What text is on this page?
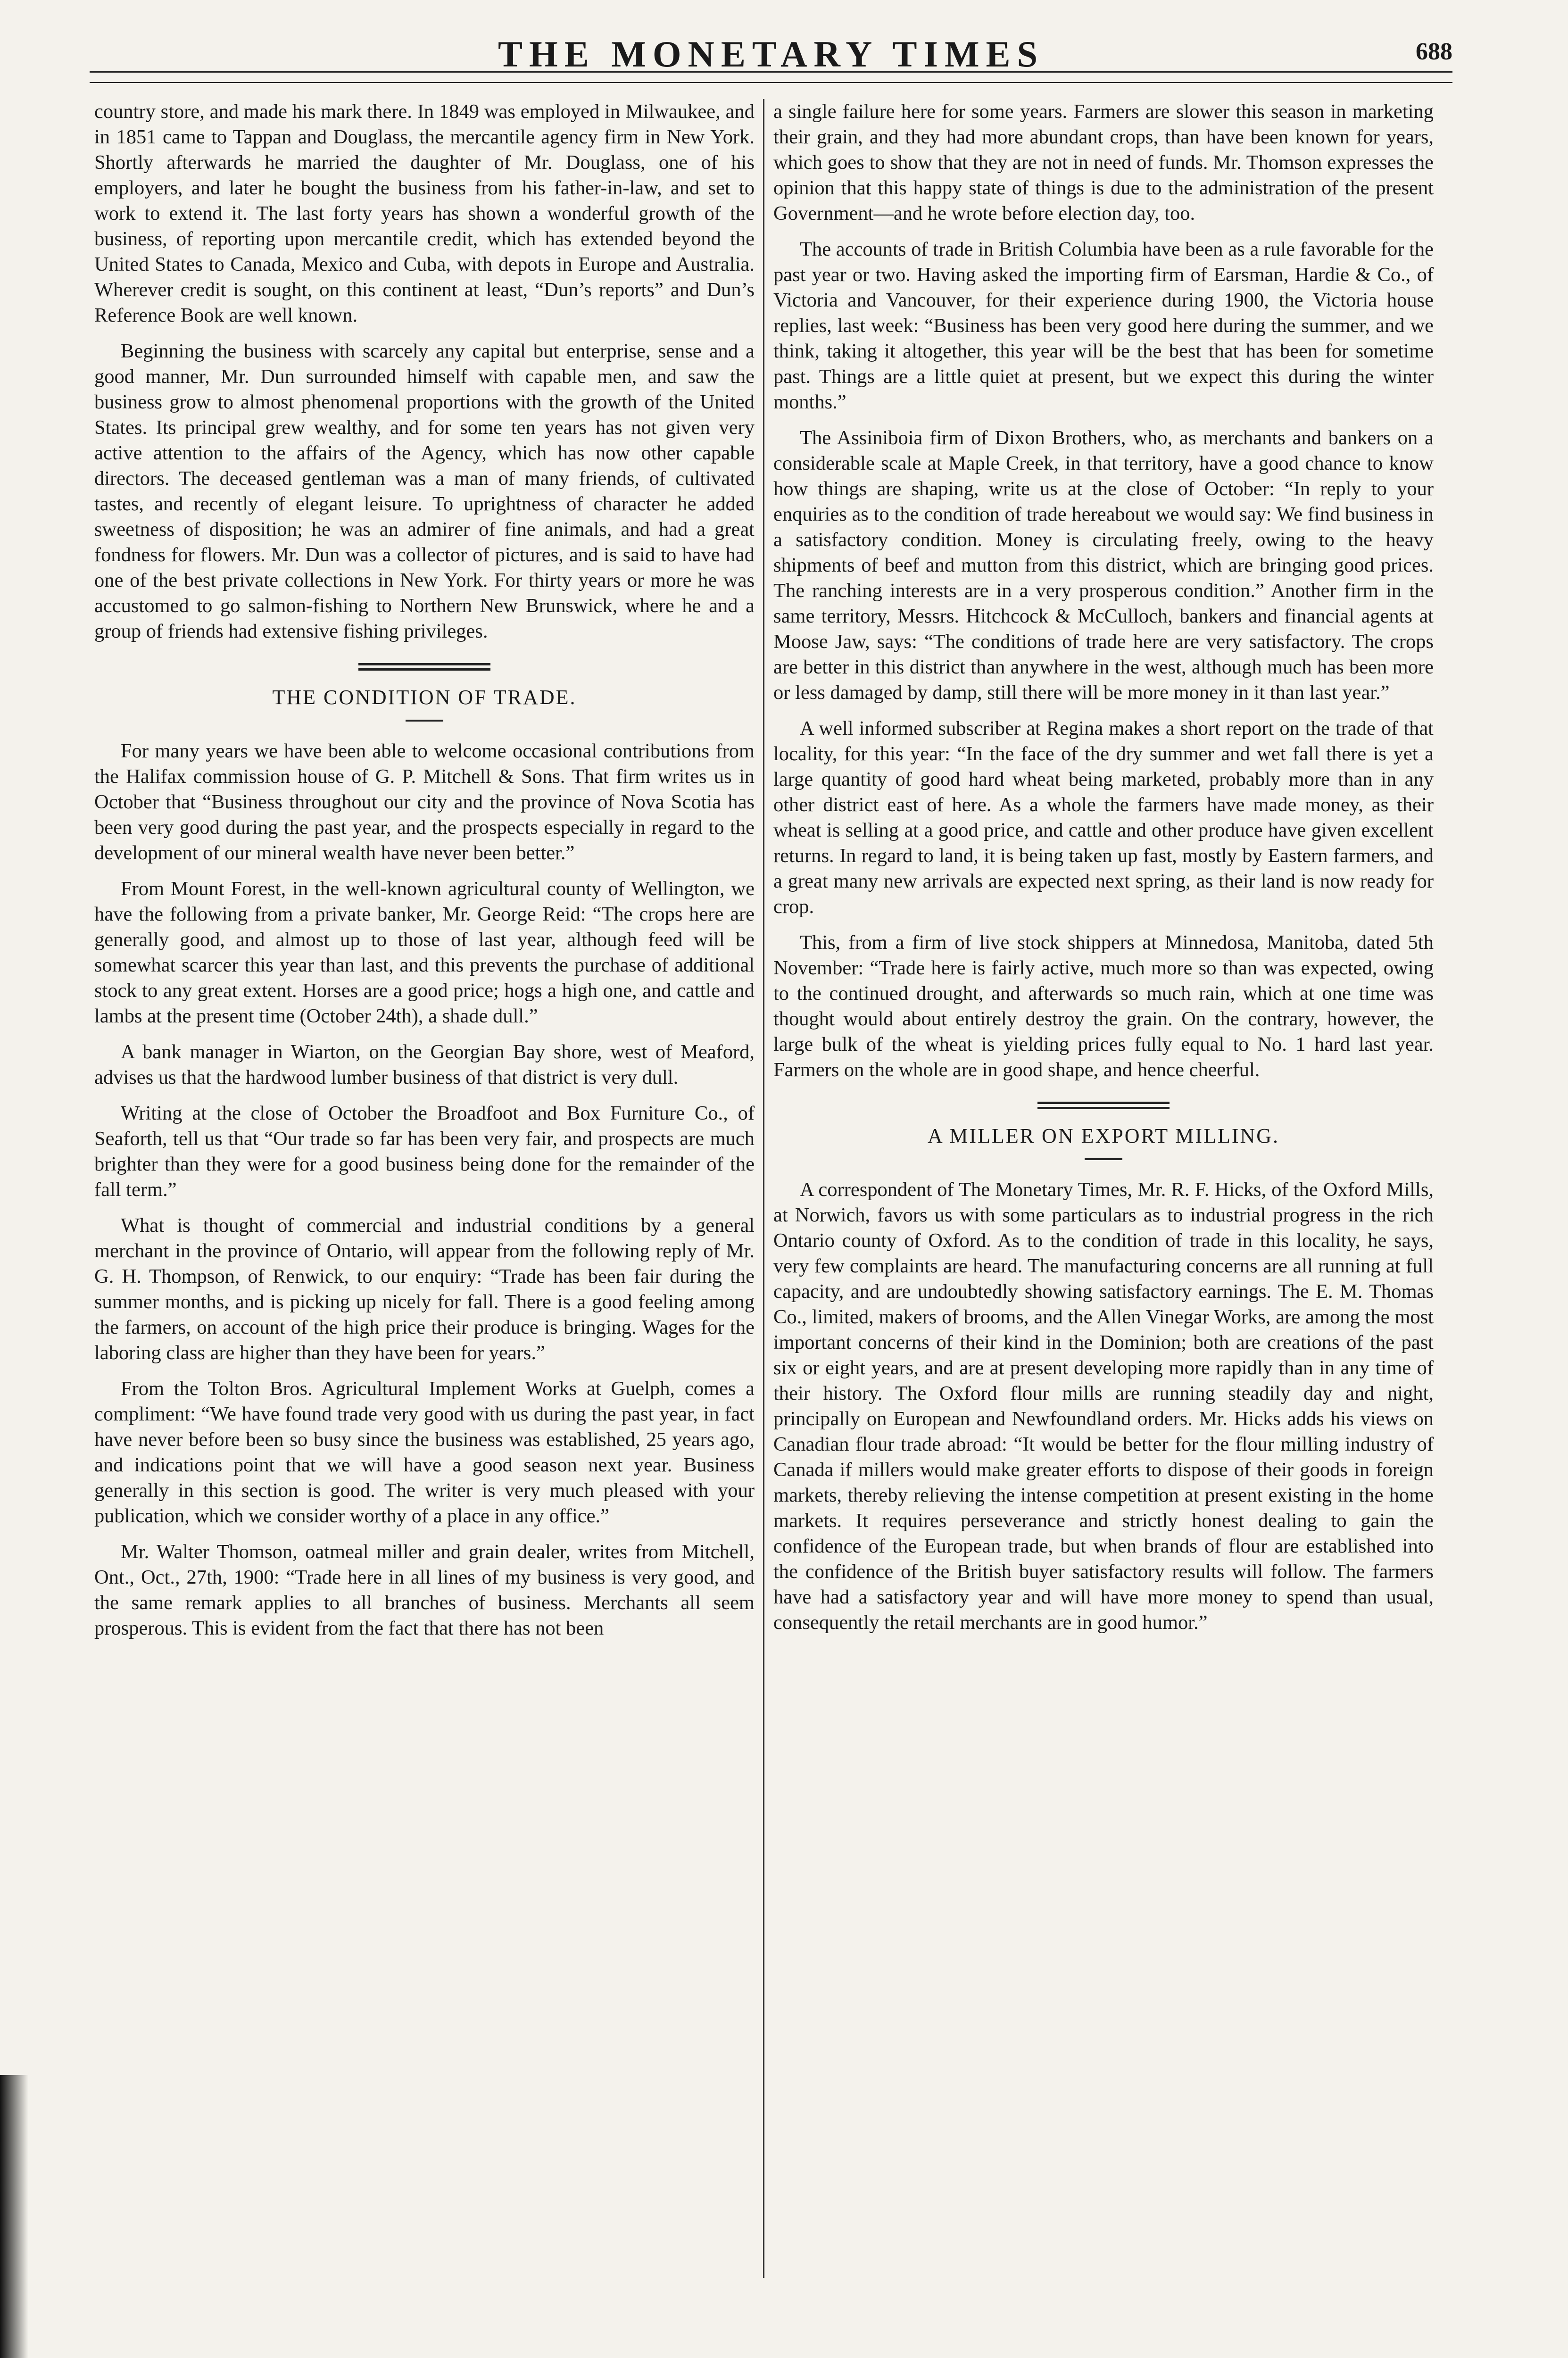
THE MONETARY TIMES	688

country store, and made his mark there. In 1849 was employed in Milwaukee, and in 1851 came to Tappan and Douglass, the mercantile agency firm in New York. Shortly afterwards he married the daughter of Mr. Douglass, one of his employers, and later he bought the business from his father-in-law, and set to work to extend it. The last forty years has shown a wonderful growth of the business, of reporting upon mercantile credit, which has extended beyond the United States to Canada, Mexico and Cuba, with depots in Europe and Australia. Wherever credit is sought, on this continent at least, “Dun’s reports” and Dun’s Reference Book are well known.

Beginning the business with scarcely any capital but enterprise, sense and a good manner, Mr. Dun surrounded himself with capable men, and saw the business grow to almost phenomenal proportions with the growth of the United States. Its principal grew wealthy, and for some ten years has not given very active attention to the affairs of the Agency, which has now other capable directors. The deceased gentleman was a man of many friends, of cultivated tastes, and recently of elegant leisure. To uprightness of character he added sweetness of disposition; he was an admirer of fine animals, and had a great fondness for flowers. Mr. Dun was a collector of pictures, and is said to have had one of the best private collections in New York. For thirty years or more he was accustomed to go salmon-fishing to Northern New Brunswick, where he and a group of friends had extensive fishing privileges.

THE CONDITION OF TRADE.

For many years we have been able to welcome occasional contributions from the Halifax commission house of G. P. Mitchell & Sons. That firm writes us in October that “Business throughout our city and the province of Nova Scotia has been very good during the past year, and the prospects especially in regard to the development of our mineral wealth have never been better.”

From Mount Forest, in the well-known agricultural county of Wellington, we have the following from a private banker, Mr. George Reid: “The crops here are generally good, and almost up to those of last year, although feed will be somewhat scarcer this year than last, and this prevents the purchase of additional stock to any great extent. Horses are a good price; hogs a high one, and cattle and lambs at the present time (October 24th), a shade dull.”

A bank manager in Wiarton, on the Georgian Bay shore, west of Meaford, advises us that the hardwood lumber business of that district is very dull.

Writing at the close of October the Broadfoot and Box Furniture Co., of Seaforth, tell us that “Our trade so far has been very fair, and prospects are much brighter than they were for a good business being done for the remainder of the fall term.”

What is thought of commercial and industrial conditions by a general merchant in the province of Ontario, will appear from the following reply of Mr. G. H. Thompson, of Renwick, to our enquiry: “Trade has been fair during the summer months, and is picking up nicely for fall. There is a good feeling among the farmers, on account of the high price their produce is bringing. Wages for the laboring class are higher than they have been for years.”

From the Tolton Bros. Agricultural Implement Works at Guelph, comes a compliment: “We have found trade very good with us during the past year, in fact have never before been so busy since the business was established, 25 years ago, and indications point that we will have a good season next year. Business generally in this section is good. The writer is very much pleased with your publication, which we consider worthy of a place in any office.”

Mr. Walter Thomson, oatmeal miller and grain dealer, writes from Mitchell, Ont., Oct., 27th, 1900: “Trade here in all lines of my business is very good, and the same remark applies to all branches of business. Merchants all seem prosperous. This is evident from the fact that there has not been

a single failure here for some years. Farmers are slower this season in marketing their grain, and they had more abundant crops, than have been known for years, which goes to show that they are not in need of funds. Mr. Thomson expresses the opinion that this happy state of things is due to the administration of the present Government—and he wrote before election day, too.

The accounts of trade in British Columbia have been as a rule favorable for the past year or two. Having asked the importing firm of Earsman, Hardie & Co., of Victoria and Vancouver, for their experience during 1900, the Victoria house replies, last week: “Business has been very good here during the summer, and we think, taking it altogether, this year will be the best that has been for sometime past. Things are a little quiet at present, but we expect this during the winter months.”

The Assiniboia firm of Dixon Brothers, who, as merchants and bankers on a considerable scale at Maple Creek, in that territory, have a good chance to know how things are shaping, write us at the close of October: “In reply to your enquiries as to the condition of trade hereabout we would say: We find business in a satisfactory condition. Money is circulating freely, owing to the heavy shipments of beef and mutton from this district, which are bringing good prices. The ranching interests are in a very prosperous condition.” Another firm in the same territory, Messrs. Hitchcock & McCulloch, bankers and financial agents at Moose Jaw, says: “The conditions of trade here are very satisfactory. The crops are better in this district than anywhere in the west, although much has been more or less damaged by damp, still there will be more money in it than last year.”

A well informed subscriber at Regina makes a short report on the trade of that locality, for this year: “In the face of the dry summer and wet fall there is yet a large quantity of good hard wheat being marketed, probably more than in any other district east of here. As a whole the farmers have made money, as their wheat is selling at a good price, and cattle and other produce have given excellent returns. In regard to land, it is being taken up fast, mostly by Eastern farmers, and a great many new arrivals are expected next spring, as their land is now ready for crop.

This, from a firm of live stock shippers at Minnedosa, Manitoba, dated 5th November: “Trade here is fairly active, much more so than was expected, owing to the continued drought, and afterwards so much rain, which at one time was thought would about entirely destroy the grain. On the contrary, however, the large bulk of the wheat is yielding prices fully equal to No. 1 hard last year. Farmers on the whole are in good shape, and hence cheerful.

A MILLER ON EXPORT MILLING.

A correspondent of The Monetary Times, Mr. R. F. Hicks, of the Oxford Mills, at Norwich, favors us with some particulars as to industrial progress in the rich Ontario county of Oxford. As to the condition of trade in this locality, he says, very few complaints are heard. The manufacturing concerns are all running at full capacity, and are undoubtedly showing satisfactory earnings. The E. M. Thomas Co., limited, makers of brooms, and the Allen Vinegar Works, are among the most important concerns of their kind in the Dominion; both are creations of the past six or eight years, and are at present developing more rapidly than in any time of their history. The Oxford flour mills are running steadily day and night, principally on European and Newfoundland orders. Mr. Hicks adds his views on Canadian flour trade abroad: “It would be better for the flour milling industry of Canada if millers would make greater efforts to dispose of their goods in foreign markets, thereby relieving the intense competition at present existing in the home markets. It requires perseverance and strictly honest dealing to gain the confidence of the European trade, but when brands of flour are established into the confidence of the British buyer satisfactory results will follow. The farmers have had a satisfactory year and will have more money to spend than usual, consequently the retail merchants are in good humor.”
